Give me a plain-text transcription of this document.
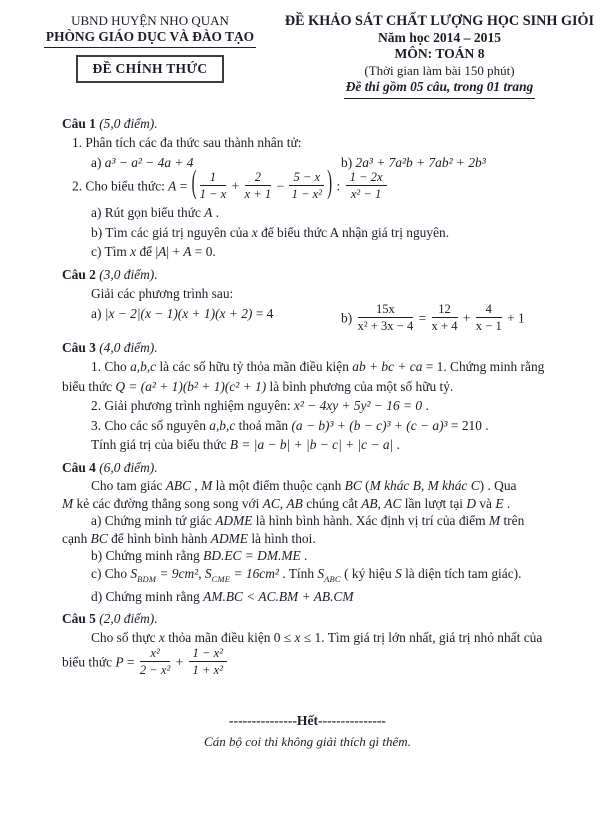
UBND HUYỆN NHO QUAN
PHÒNG GIÁO DỤC VÀ ĐÀO TẠO
ĐỀ CHÍNH THỨC
ĐỀ KHẢO SÁT CHẤT LƯỢNG HỌC SINH GIỎI
Năm học 2014 – 2015
MÔN: TOÁN 8
(Thời gian làm bài 150 phút)
Đề thi gồm 05 câu, trong 01 trang
Câu 1 (5,0 điểm).
1. Phân tích các đa thức sau thành nhân tử:
a) a³ − a² − 4a + 4	b) 2a³ + 7a²b + 7ab² + 2b³
2. Cho biểu thức: A = ( $\frac{1}{1 - x} + \frac{2}{x + 1} - \frac{5 - x}{\text{1 − x²}}$ ) : $\frac{1 - 2x}{\text{x² − 1}}$
a) Rút gọn biểu thức A .
b) Tìm các giá trị nguyên của x để biểu thức A nhận giá trị nguyên.
c) Tìm x để |A| + A = 0.
Câu 2 (3,0 điểm).
Giải các phương trình sau:
a) |x − 2|(x − 1)(x + 1)(x + 2) = 4	$b) \frac{15x}{\text{x² + 3x − 4}} = \frac{12}{x + 4} + \frac{4}{x - 1} + 1$
Câu 3 (4,0 điểm).
1. Cho a,b,c là các số hữu tỷ thỏa mãn điều kiện ab + bc + ca = 1. Chứng minh rằng
biểu thức Q = (a² + 1)(b² + 1)(c² + 1) là bình phương của một số hữu tỷ.
2. Giải phương trình nghiệm nguyên: x² − 4xy + 5y² − 16 = 0 .
3. Cho các số nguyên a,b,c thoả mãn (a − b)³ + (b − c)³ + (c − a)³ = 210 .
Tính giá trị của biểu thức B = |a − b| + |b − c| + |c − a| .
Câu 4 (6,0 điểm).
Cho tam giác ABC , M là một điểm thuộc cạnh BC (M khác B, M khác C) . Qua
M kẻ các đường thẳng song song với AC, AB chúng cắt AB, AC lần lượt tại D và E .
a) Chứng minh tứ giác ADME là hình bình hành. Xác định vị trí của điểm M trên
cạnh BC để hình bình hành ADME là hình thoi.
b) Chứng minh rằng BD.EC = DM.ME .
c) Cho $S_{BDM} = 9cm^2$, $S_{CME} = 16cm^2$ . Tính $S_{ABC}$ ( ký hiệu S là diện tích tam giác).
d) Chứng minh rằng AM.BC < AC.BM + AB.CM
Câu 5 (2,0 điểm).
Cho số thực x thỏa mãn điều kiện 0 ≤ x ≤ 1. Tìm giá trị lớn nhất, giá trị nhỏ nhất của
biểu thức $P = \frac{\text{x²}}{\text{2 − x²}} + \frac{\text{1 − x²}}{\text{1 + x²}}$
---------------Hết---------------
Cán bộ coi thi không giải thích gì thêm.
